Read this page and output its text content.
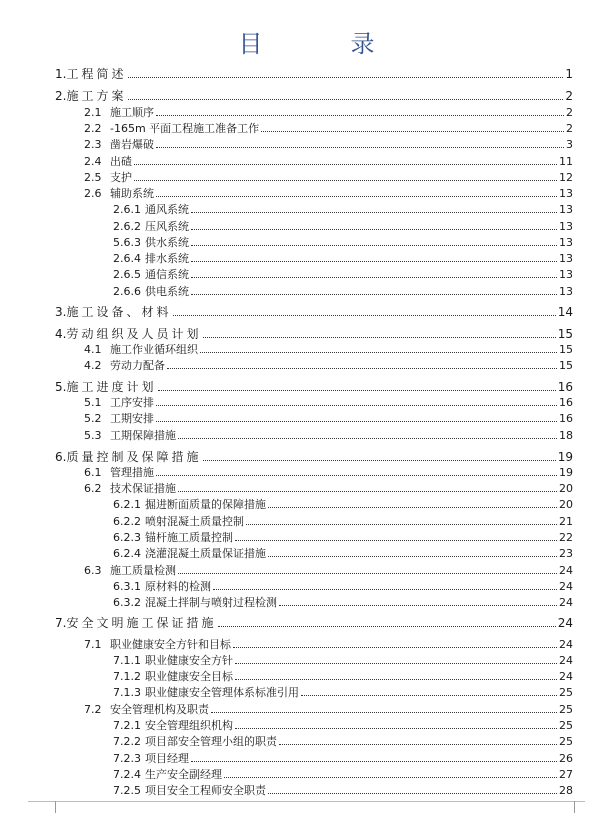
目　录
1. 工程简述	1
2. 施工方案	2
2.1 施工顺序	2
2.2 -165m 平面工程施工准备工作	2
2.3 凿岩爆破	3
2.4 出碴	11
2.5 支护	12
2.6 辅助系统	13
2.6.1 通风系统	13
2.6.2 压风系统	13
5.6.3 供水系统	13
2.6.4 排水系统	13
2.6.5 通信系统	13
2.6.6 供电系统	13
3. 施工设备、材料	14
4. 劳动组织及人员计划	15
4.1 施工作业循环组织	15
4.2 劳动力配备	15
5. 施工进度计划	16
5.1 工序安排	16
5.2 工期安排	16
5.3 工期保障措施	18
6. 质量控制及保障措施	19
6.1 管理措施	19
6.2 技术保证措施	20
6.2.1 掘进断面质量的保障措施	20
6.2.2 喷射混凝土质量控制	21
6.2.3 锚杆施工质量控制	22
6.2.4 浇灌混凝土质量保证措施	23
6.3 施工质量检测	24
6.3.1 原材料的检测	24
6.3.2 混凝土拌制与喷射过程检测	24
7. 安全文明施工保证措施	24
7.1 职业健康安全方针和目标	24
7.1.1 职业健康安全方针	24
7.1.2 职业健康安全目标	24
7.1.3 职业健康安全管理体系标准引用	25
7.2 安全管理机构及职责	25
7.2.1 安全管理组织机构	25
7.2.2 项目部安全管理小组的职责	25
7.2.3 项目经理	26
7.2.4 生产安全副经理	27
7.2.5 项目安全工程师安全职责	28
